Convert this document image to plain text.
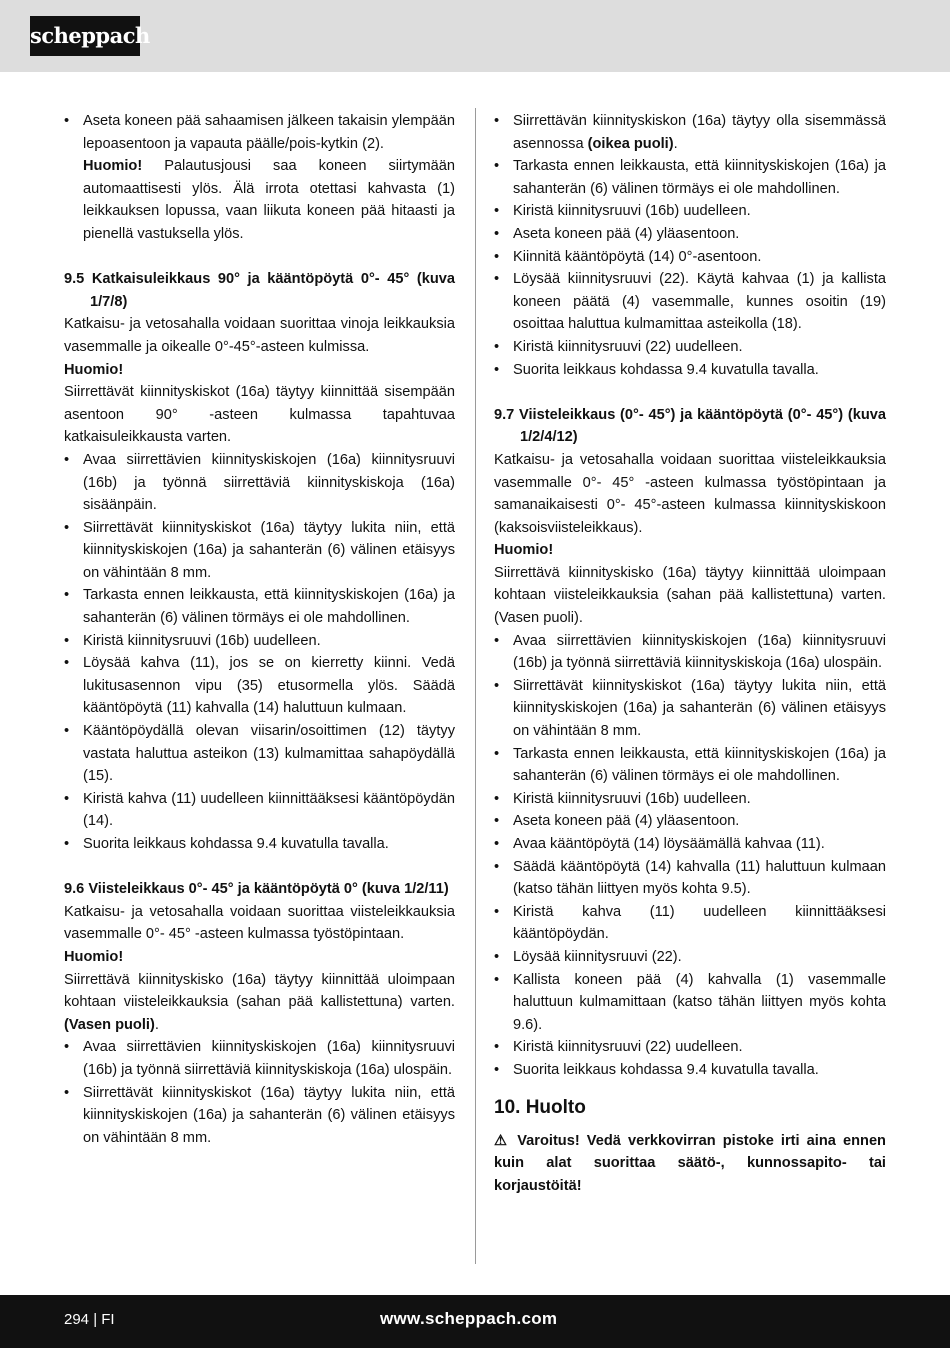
scheppach
• Aseta koneen pää sahaamisen jälkeen takaisin ylempään lepoasentoon ja vapauta päälle/pois-kytkin (2).
Huomio! Palautusjousi saa koneen siirtymään automaattisesti ylös. Älä irrota otettasi kahvasta (1) leikkauksen lopussa, vaan liikuta koneen pää hitaasti ja pienellä vastuksella ylös.
9.5 Katkaisuleikkaus 90° ja kääntöpöytä 0°- 45° (kuva 1/7/8)

Katkaisu- ja vetosahalla voidaan suorittaa vinoja leikkauksia vasemmalle ja oikealle 0°-45°-asteen kulmissa.

Huomio!

Siirrettävät kiinnityskiskot (16a) täytyy kiinnittää sisempään asentoon 90° -asteen kulmassa tapahtuvaa katkaisuleikkausta varten.

• Avaa siirrettävien kiinnityskiskojen (16a) kiinnitysruuvi (16b) ja työnnä siirrettäviä kiinnityskiskoja (16a) sisäänpäin.
• Siirrettävät kiinnityskiskot (16a) täytyy lukita niin, että kiinnityskiskojen (16a) ja sahanterän (6) välinen etäisyys on vähintään 8 mm.
• Tarkasta ennen leikkausta, että kiinnityskiskojen (16a) ja sahanterän (6) välinen törmäys ei ole mahdollinen.
• Kiristä kiinnitysruuvi (16b) uudelleen.
• Löysää kahva (11), jos se on kierretty kiinni. Vedä lukitusasennon vipu (35) etusormella ylös. Säädä kääntöpöytä (11) kahvalla (14) haluttuun kulmaan.
• Kääntöpöydällä olevan viisarin/osoittimen (12) täytyy vastata haluttua asteikon (13) kulmamittaa sahapöydällä (15).
• Kiristä kahva (11) uudelleen kiinnittääksesi kääntöpöydän (14).
• Suorita leikkaus kohdassa 9.4 kuvatulla tavalla.
9.6 Viisteleikkaus 0°- 45° ja kääntöpöytä 0° (kuva 1/2/11)

Katkaisu- ja vetosahalla voidaan suorittaa viisteleikkauksia vasemmalle 0°- 45° -asteen kulmassa työstöpintaan.

Huomio!

Siirrettävä kiinnityskisko (16a) täytyy kiinnittää uloimpaan kohtaan viisteleikkauksia (sahan pää kallistettuna) varten. (Vasen puoli).

• Avaa siirrettävien kiinnityskiskojen (16a) kiinnitysruuvi (16b) ja työnnä siirrettäviä kiinnityskiskoja (16a) ulospäin.
• Siirrettävät kiinnityskiskot (16a) täytyy lukita niin, että kiinnityskiskojen (16a) ja sahanterän (6) välinen etäisyys on vähintään 8 mm.
• Siirrettävän kiinnityskiskon (16a) täytyy olla sisemmässä asennossa (oikea puoli).
• Tarkasta ennen leikkausta, että kiinnityskiskojen (16a) ja sahanterän (6) välinen törmäys ei ole mahdollinen.
• Kiristä kiinnitysruuvi (16b) uudelleen.
• Aseta koneen pää (4) yläasentoon.
• Kiinnitä kääntöpöytä (14) 0°-asentoon.
• Löysää kiinnitysruuvi (22). Käytä kahvaa (1) ja kallista koneen päätä (4) vasemmalle, kunnes osoitin (19) osoittaa haluttua kulmamittaa asteikolla (18).
• Kiristä kiinnitysruuvi (22) uudelleen.
• Suorita leikkaus kohdassa 9.4 kuvatulla tavalla.
9.7 Viisteleikkaus (0°- 45°) ja kääntöpöytä (0°- 45°) (kuva 1/2/4/12)

Katkaisu- ja vetosahalla voidaan suorittaa viisteleikkauksia vasemmalle 0°- 45° -asteen kulmassa työstöpintaan ja samanaikaisesti 0°- 45°-asteen kulmassa kiinnityskiskoon (kaksoisviisteleikkaus).

Huomio!

Siirrettävä kiinnityskisko (16a) täytyy kiinnittää uloimpaan kohtaan viisteleikkauksia (sahan pää kallistettuna) varten. (Vasen puoli).

• Avaa siirrettävien kiinnityskiskojen (16a) kiinnitysruuvi (16b) ja työnnä siirrettäviä kiinnityskiskoja (16a) ulospäin.
• Siirrettävät kiinnityskiskot (16a) täytyy lukita niin, että kiinnityskiskojen (16a) ja sahanterän (6) välinen etäisyys on vähintään 8 mm.
• Tarkasta ennen leikkausta, että kiinnityskiskojen (16a) ja sahanterän (6) välinen törmäys ei ole mahdollinen.
• Kiristä kiinnitysruuvi (16b) uudelleen.
• Aseta koneen pää (4) yläasentoon.
• Avaa kääntöpöytä (14) löysäämällä kahvaa (11).
• Säädä kääntöpöytä (14) kahvalla (11) haluttuun kulmaan (katso tähän liittyen myös kohta 9.5).
• Kiristä kahva (11) uudelleen kiinnittääksesi kääntöpöydän.
• Löysää kiinnitysruuvi (22).
• Kallista koneen pää (4) kahvalla (1) vasemmalle haluttuun kulmamittaan (katso tähän liittyen myös kohta 9.6).
• Kiristä kiinnitysruuvi (22) uudelleen.
• Suorita leikkaus kohdassa 9.4 kuvatulla tavalla.
10. Huolto

⚠ Varoitus! Vedä verkkovirran pistoke irti aina ennen kuin alat suorittaa säätö-, kunnossapito- tai korjaustöitä!

294 | FI	www.scheppach.com
